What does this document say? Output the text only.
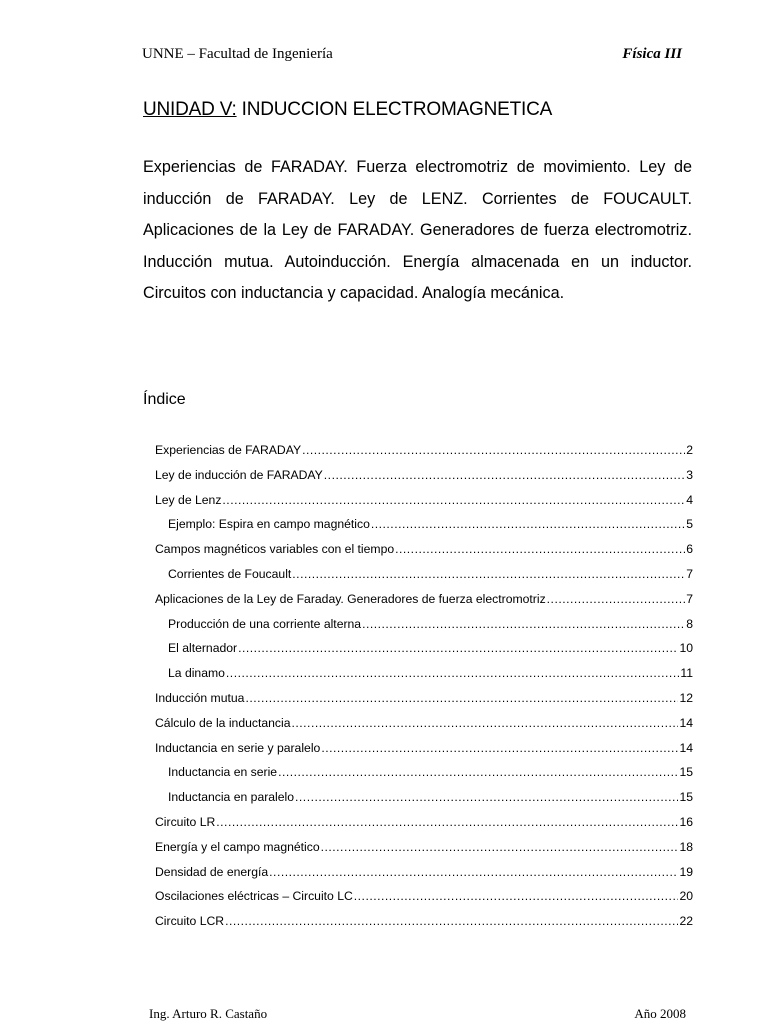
UNNE – Facultad de Ingeniería	Física III
UNIDAD V: INDUCCION ELECTROMAGNETICA

Experiencias de FARADAY. Fuerza electromotriz de movimiento. Ley de inducción de FARADAY. Ley de LENZ. Corrientes de FOUCAULT. Aplicaciones de la Ley de FARADAY. Generadores de fuerza electromotriz. Inducción mutua. Autoinducción. Energía almacenada en un inductor. Circuitos con inductancia y capacidad. Analogía mecánica.

Índice
Experiencias de FARADAY .....	2
Ley de inducción de FARADAY .....	3
Ley de Lenz .....	4
Ejemplo: Espira en campo magnético .....	5
Campos magnéticos variables con el tiempo .....	6
Corrientes de Foucault .....	7
Aplicaciones de la Ley de Faraday. Generadores de fuerza electromotriz .....	7
Producción de una corriente alterna .....	8
El alternador .....	10
La dinamo .....	11
Inducción mutua .....	12
Cálculo de la inductancia .....	14
Inductancia en serie y paralelo .....	14
Inductancia en serie .....	15
Inductancia en paralelo .....	15
Circuito LR .....	16
Energía y el campo magnético .....	18
Densidad de energía .....	19
Oscilaciones eléctricas – Circuito LC .....	20
Circuito LCR .....	22
Ing. Arturo R. Castaño	Año 2008
